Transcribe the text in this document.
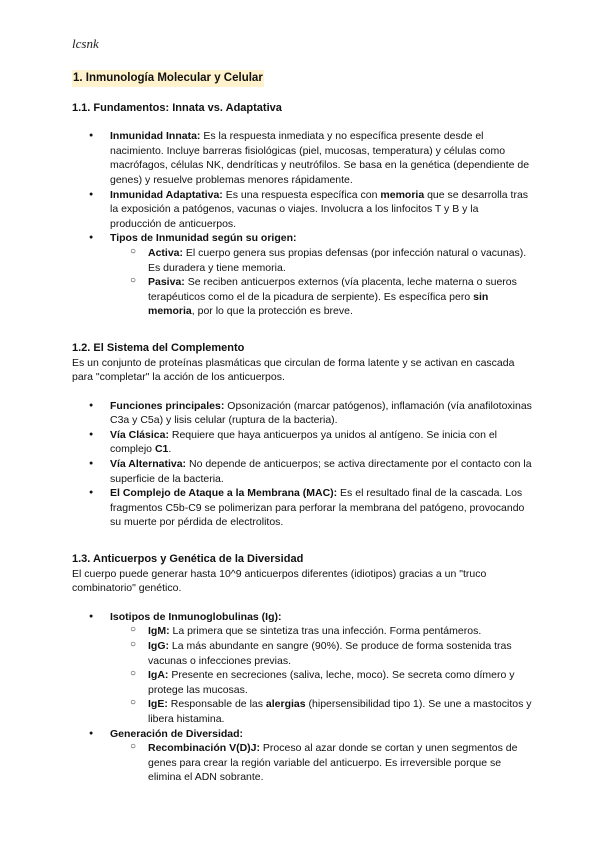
lcsnk
1. Inmunología Molecular y Celular

1.1. Fundamentos: Innata vs. Adaptativa

● Inmunidad Innata: Es la respuesta inmediata y no específica presente desde el nacimiento. Incluye barreras fisiológicas (piel, mucosas, temperatura) y células como macrófagos, células NK, dendríticas y neutrófilos. Se basa en la genética (dependiente de genes) y resuelve problemas menores rápidamente.
● Inmunidad Adaptativa: Es una respuesta específica con memoria que se desarrolla tras la exposición a patógenos, vacunas o viajes. Involucra a los linfocitos T y B y la producción de anticuerpos.
● Tipos de Inmunidad según su origen:
○ Activa: El cuerpo genera sus propias defensas (por infección natural o vacunas). Es duradera y tiene memoria.
○ Pasiva: Se reciben anticuerpos externos (vía placenta, leche materna o sueros terapéuticos como el de la picadura de serpiente). Es específica pero sin memoria, por lo que la protección es breve.

1.2. El Sistema del Complemento

Es un conjunto de proteínas plasmáticas que circulan de forma latente y se activan en cascada para "completar" la acción de los anticuerpos.

● Funciones principales: Opsonización (marcar patógenos), inflamación (vía anafilotoxinas C3a y C5a) y lisis celular (ruptura de la bacteria).
● Vía Clásica: Requiere que haya anticuerpos ya unidos al antígeno. Se inicia con el complejo C1.
● Vía Alternativa: No depende de anticuerpos; se activa directamente por el contacto con la superficie de la bacteria.
● El Complejo de Ataque a la Membrana (MAC): Es el resultado final de la cascada. Los fragmentos C5b-C9 se polimerizan para perforar la membrana del patógeno, provocando su muerte por pérdida de electrolitos.

1.3. Anticuerpos y Genética de la Diversidad

El cuerpo puede generar hasta 10^9 anticuerpos diferentes (idiotipos) gracias a un "truco combinatorio" genético.

● Isotipos de Inmunoglobulinas (Ig):
○ IgM: La primera que se sintetiza tras una infección. Forma pentámeros.
○ IgG: La más abundante en sangre (90%). Se produce de forma sostenida tras vacunas o infecciones previas.
○ IgA: Presente en secreciones (saliva, leche, moco). Se secreta como dímero y protege las mucosas.
○ IgE: Responsable de las alergias (hipersensibilidad tipo 1). Se une a mastocitos y libera histamina.
● Generación de Diversidad:
○ Recombinación V(D)J: Proceso al azar donde se cortan y unen segmentos de genes para crear la región variable del anticuerpo. Es irreversible porque se elimina el ADN sobrante.
